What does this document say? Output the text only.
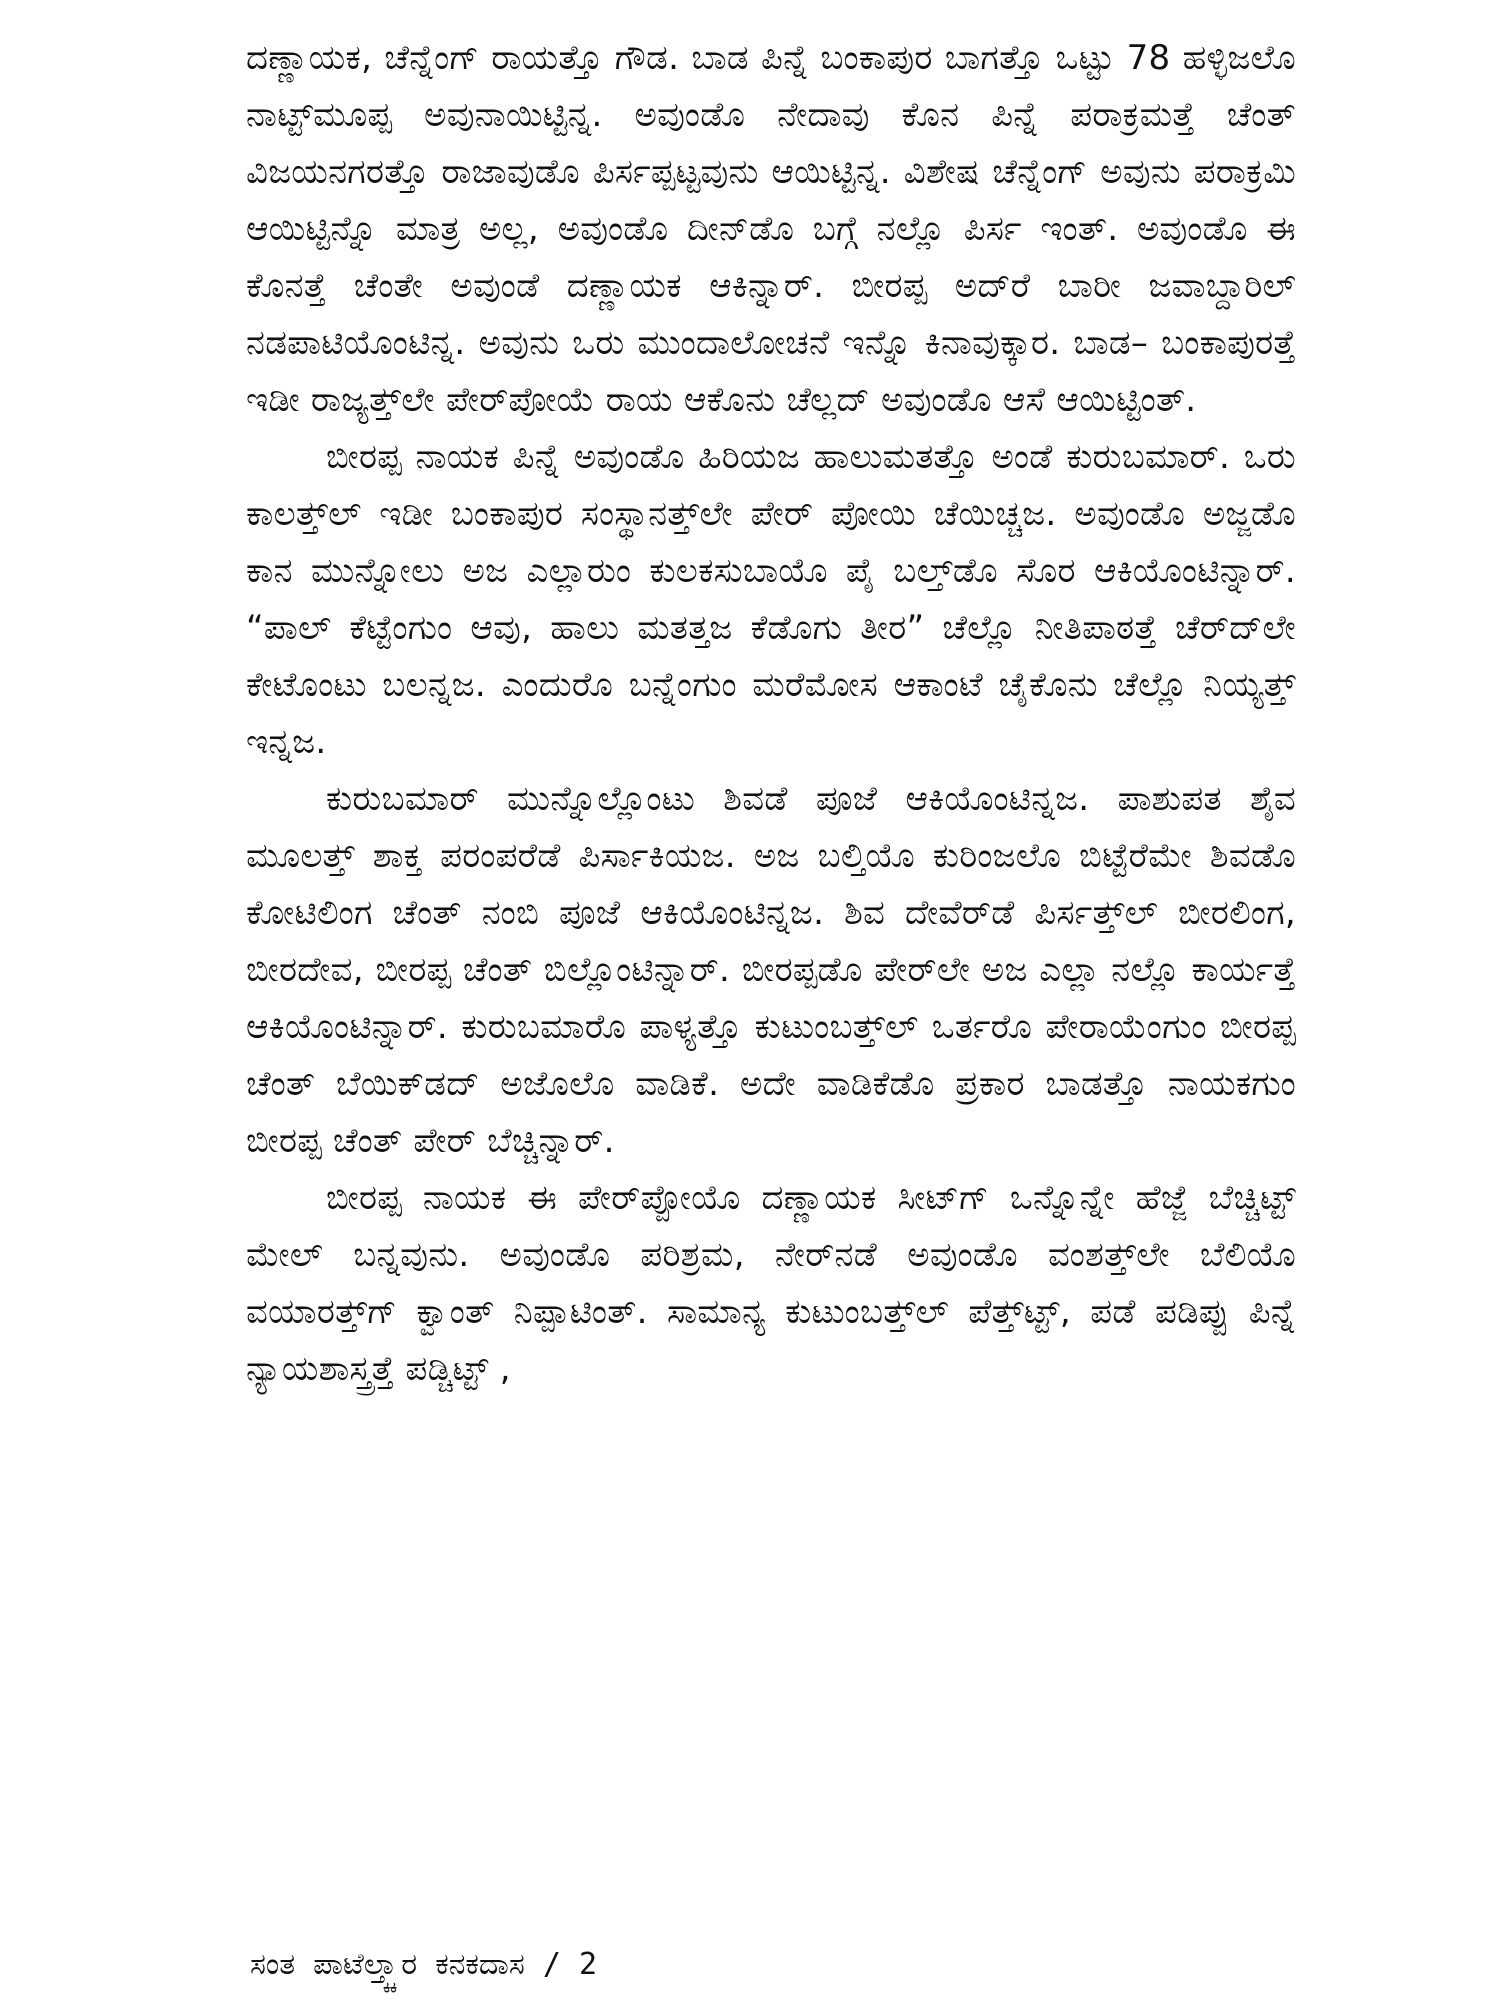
ದಣ್ಣಾಯಕ, ಚೆನ್ನೆಂಗ್ ರಾಯತ್ತೊ ಗೌಡ. ಬಾಡ ಪಿನ್ನೆ ಬಂಕಾಪುರ ಬಾಗತ್ತೊ ಒಟ್ಟು 78 ಹಳ್ಳಿಜಲೊ ನಾಟ್ಟ್‌ಮೂಪ್ಪ ಅವುನಾಯಿಟ್ಟಿನ್ನ. ಅವುಂಡೊ ನೇದಾವು ಕೊನ ಪಿನ್ನೆ ಪರಾಕ್ರಮತ್ತೆ ಚೆಂತ್ ವಿಜಯನಗರತ್ತೊ ರಾಜಾವುಡೊ ಪಿರ್ಸಪ್ಪಟ್ಟವುನು ಆಯಿಟ್ಟಿನ್ನ. ವಿಶೇಷ ಚೆನ್ನೆಂಗ್ ಅವುನು ಪರಾಕ್ರಮಿ ಆಯಿಟ್ಟಿನ್ನೊ ಮಾತ್ರ ಅಲ್ಲ, ಅವುಂಡೊ ದೀನ್‌ಡೊ ಬಗ್ಗೆ ನಲ್ಲೊ ಪಿರ್ಸ ಇಂತ್. ಅವುಂಡೊ ಈ ಕೊನತ್ತೆ ಚೆಂತೇ ಅವುಂಡೆ ದಣ್ಣಾಯಕ ಆಕಿನ್ನಾರ್. ಬೀರಪ್ಪ ಅದ್‌ರೆ ಬಾರೀ ಜವಾಬ್ದಾರಿಲ್ ನಡಪಾಟಿಯೊಂಟಿನ್ನ. ಅವುನು ಒರು ಮುಂದಾಲೋಚನೆ ಇನ್ನೊ ಕಿನಾವುಕ್ಕಾರ. ಬಾಡ– ಬಂಕಾಪುರತ್ತೆ ಇಡೀ ರಾಜ್ಯತ್ತ್‌ಲೇ ಪೇರ್‌ಪೋಯೆ ರಾಯ ಆಕೊನು ಚೆಲ್ಲದ್ ಅವುಂಡೊ ಆಸೆ ಆಯಿಟ್ಟಿಂತ್.

ಬೀರಪ್ಪ ನಾಯಕ ಪಿನ್ನೆ ಅವುಂಡೊ ಹಿರಿಯಜ ಹಾಲುಮತತ್ತೊ ಅಂಡೆ ಕುರುಬಮಾರ್. ಒರು ಕಾಲತ್ತ್‌ಲ್ ಇಡೀ ಬಂಕಾಪುರ ಸಂಸ್ಥಾನತ್ತ್‌ಲೇ ಪೇರ್ ಪೋಯಿ ಚೆಯಿಚ್ಚಜ. ಅವುಂಡೊ ಅಜ್ಜಡೊ ಕಾನ ಮುನ್ನೋಲು ಅಜ ಎಲ್ಲಾರುಂ ಕುಲಕಸುಬಾಯೊ ಪೈ ಬಲ್ತ್‌ಡೊ ಸೊರ ಆಕಿಯೊಂಟಿನ್ನಾರ್. “ಪಾಲ್ ಕೆಟ್ಟೆಂಗುಂ ಆವು, ಹಾಲು ಮತತ್ತಜ ಕೆಡೊಗು ತೀರ” ಚೆಲ್ಲೊ ನೀತಿಪಾಠತ್ತೆ ಚೆರ್‌ದ್‌ಲೇ ಕೇಟೊಂಟು ಬಲನ್ನಜ. ಎಂದುರೊ ಬನ್ನೆಂಗುಂ ಮರೆಮೋಸ ಆಕಾಂಟೆ ಚೈಕೊನು ಚೆಲ್ಲೊ ನಿಯ್ಯತ್ತ್ ಇನ್ನಜ.

ಕುರುಬಮಾರ್ ಮುನ್ನೊಲ್ಲೊಂಟು ಶಿವಡೆ ಪೂಜೆ ಆಕಿಯೊಂಟಿನ್ನಜ. ಪಾಶುಪತ ಶೈವ ಮೂಲತ್ತ್ ಶಾಕ್ತ ಪರಂಪರೆಡೆ ಪಿರ್ಸಾಕಿಯಜ. ಅಜ ಬಲ್ತಿಯೊ ಕುರಿಂಜಲೊ ಬಿಟ್ಟೆರೆಮೇ ಶಿವಡೊ ಕೋಟಿಲಿಂಗ ಚೆಂತ್ ನಂಬಿ ಪೂಜೆ ಆಕಿಯೊಂಟಿನ್ನಜ. ಶಿವ ದೇವೆರ್‌ಡೆ ಪಿರ್ಸತ್ತ್‌ಲ್ ಬೀರಲಿಂಗ, ಬೀರದೇವ, ಬೀರಪ್ಪ ಚೆಂತ್ ಬಿಲ್ಲೊಂಟಿನ್ನಾರ್. ಬೀರಪ್ಪಡೊ ಪೇರ್‌ಲೇ ಅಜ ಎಲ್ಲಾ ನಲ್ಲೊ ಕಾರ್ಯತ್ತೆ ಆಕಿಯೊಂಟಿನ್ನಾರ್. ಕುರುಬಮಾರೊ ಪಾಳ್ಯತ್ತೊ ಕುಟುಂಬತ್ತ್‌ಲ್ ಒರ್ತರೊ ಪೇರಾಯೆಂಗುಂ ಬೀರಪ್ಪ ಚೆಂತ್ ಬೆಯಿಕ್‌ಡದ್ ಅಜೊಲೊ ವಾಡಿಕೆ. ಅದೇ ವಾಡಿಕೆಡೊ ಪ್ರಕಾರ ಬಾಡತ್ತೊ ನಾಯಕಗುಂ ಬೀರಪ್ಪ ಚೆಂತ್ ಪೇರ್ ಬೆಚ್ಚಿನ್ನಾರ್.

ಬೀರಪ್ಪ ನಾಯಕ ಈ ಪೇರ್‌ಪ್ಪೋಯೊ ದಣ್ಣಾಯಕ ಸೀಟ್‌ಗ್ ಒನ್ನೊನ್ನೇ ಹೆಜ್ಜೆ ಬೆಚ್ಚಿಟ್ಟ್ ಮೇಲ್ ಬನ್ನವುನು. ಅವುಂಡೊ ಪರಿಶ್ರಮ, ನೇರ್‌ನಡೆ ಅವುಂಡೊ ವಂಶತ್ತ್‌ಲೇ ಬೆಲಿಯೊ ವಯಾರತ್ತ್‌ಗ್ ಕ್ವಾಂತ್ ನಿಪ್ಪಾಟಿಂತ್. ಸಾಮಾನ್ಯ ಕುಟುಂಬತ್ತ್‌ಲ್ ಪೆತ್ತ್‌ಟ್ಟ್, ಪಡೆ ಪಡಿಪ್ಪು ಪಿನ್ನೆ ನ್ಯಾಯಶಾಸ್ತ್ರತ್ತೆ ಪಡ್ಚಿಟ್ಟ್ ,

ಸಂತ ಪಾಟೆಲ್ತ್ಕ್ಕಾರ ಕನಕದಾಸ / 2
